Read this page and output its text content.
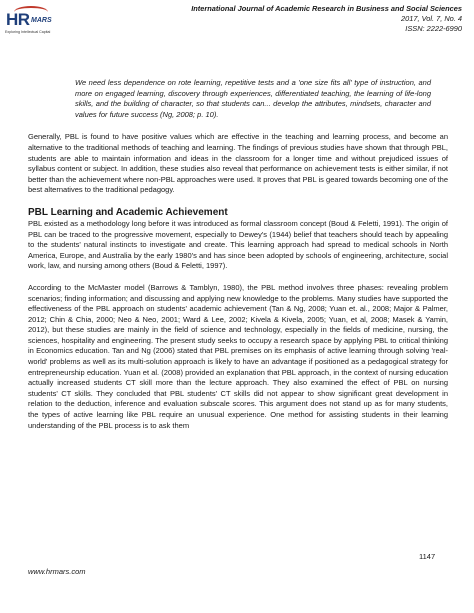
HR MARS
Exploring Intellectual Capital
International Journal of Academic Research in Business and Social Sciences
2017, Vol. 7, No. 4
ISSN: 2222-6990

We need less dependence on rote learning, repetitive tests and a 'one size fits all' type of instruction, and more on engaged learning, discovery through experiences, differentiated teaching, the learning of life-long skills, and the building of character, so that students can... develop the attributes, mindsets, character and values for future success (Ng, 2008; p. 10).

Generally, PBL is found to have positive values which are effective in the teaching and learning process, and become an alternative to the traditional methods of teaching and learning. The findings of previous studies have shown that through PBL, students are able to maintain information and ideas in the classroom for a longer time and without prejudiced issues of syllabus content or subject. In addition, these studies also reveal that performance on achievement tests is either similar, if not better than the achievement where non-PBL approaches were used. It proves that PBL is geared towards becoming one of the best alternatives to the traditional pedagogy.

PBL Learning and Academic Achievement

PBL existed as a methodology long before it was introduced as formal classroom concept (Boud & Feletti, 1991). The origin of PBL can be traced to the progressive movement, especially to Dewey's (1944) belief that teachers should teach by appealing to the students' natural instincts to investigate and create. This learning approach had spread to medical schools in North America, Europe, and Australia by the early 1980's and has since been adopted by schools of engineering, architecture, social work, law, and nursing among others (Boud & Feletti, 1997).

According to the McMaster model (Barrows & Tamblyn, 1980), the PBL method involves three phases: revealing problem scenarios; finding information; and discussing and applying new knowledge to the problems. Many studies have supported the effectiveness of the PBL approach on students' academic achievement (Tan & Ng, 2008; Yuan et. al., 2008; Major & Palmer, 2012; Chin & Chia, 2000; Neo & Neo, 2001; Ward & Lee, 2002; Kivela & Kivela, 2005; Yuan, et al, 2008; Masek & Yamin, 2012), but these studies are mainly in the field of science and technology, especially in the fields of medicine, nursing, the sciences, hospitality and engineering. The present study seeks to occupy a research space by applying PBL to critical thinking in Economics education. Tan and Ng (2006) stated that PBL premises on its emphasis of active learning through solving 'real-world' problems as well as its multi-solution approach is likely to have an advantage if positioned as a pedagogical strategy for entrepreneurship education. Yuan et al. (2008) provided an explanation that PBL approach, in the context of nursing education actually increased students CT skill more than the lecture approach. They also examined the effect of PBL on nursing students' CT skills. They concluded that PBL students' CT skills did not appear to show significant great development in relation to the deduction, inference and evaluation subscale scores. This argument does not stand up as for many students, the types of active learning like PBL require an unusual experience. One method for assisting students in their learning understanding of the PBL process is to ask them

1147
www.hrmars.com
